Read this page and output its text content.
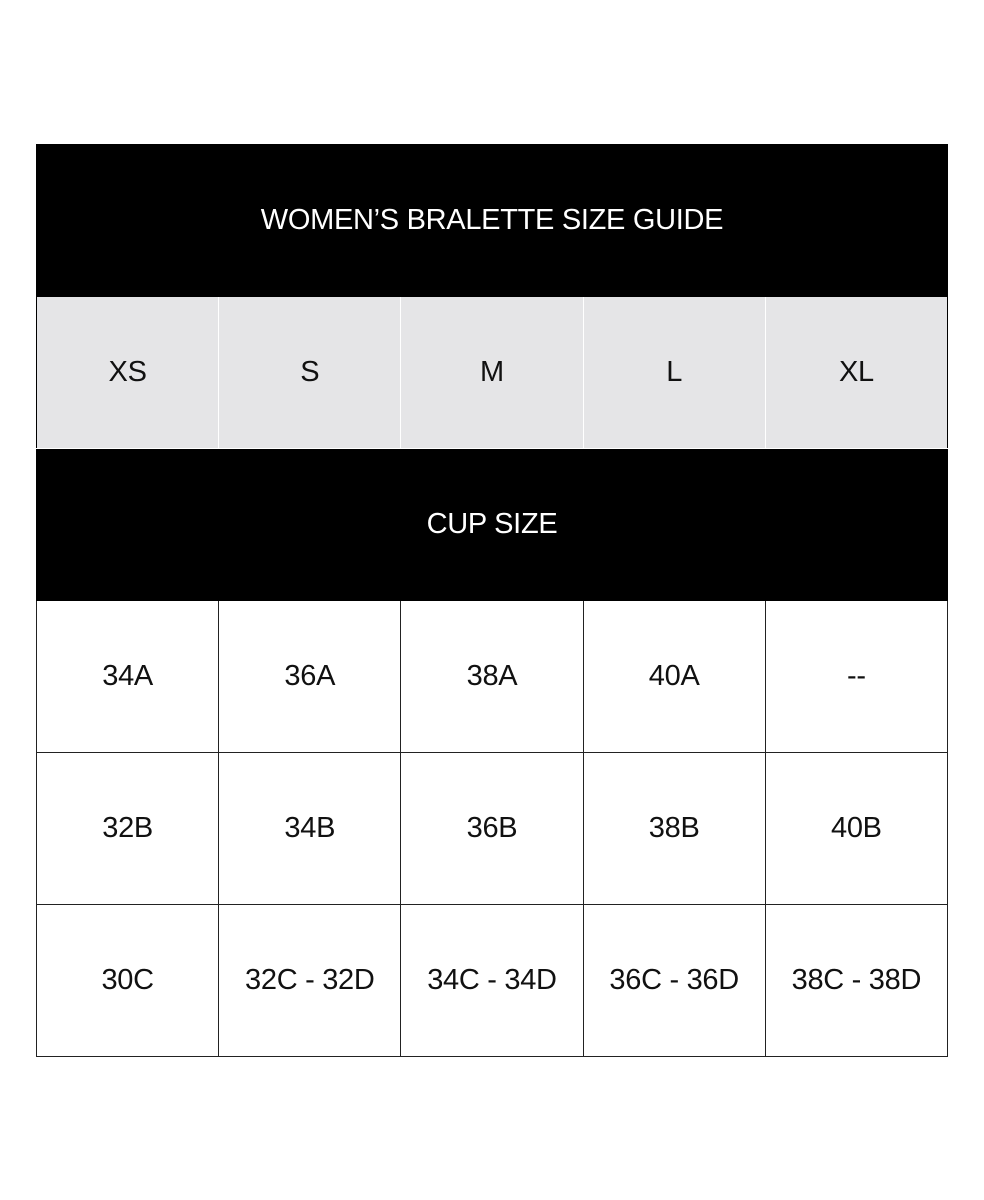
WOMEN’S BRALETTE SIZE GUIDE				
XS	S	M	L	XL
CUP SIZE				
34A	36A	38A	40A	--
32B	34B	36B	38B	40B
30C	32C - 32D	34C - 34D	36C - 36D	38C - 38D
